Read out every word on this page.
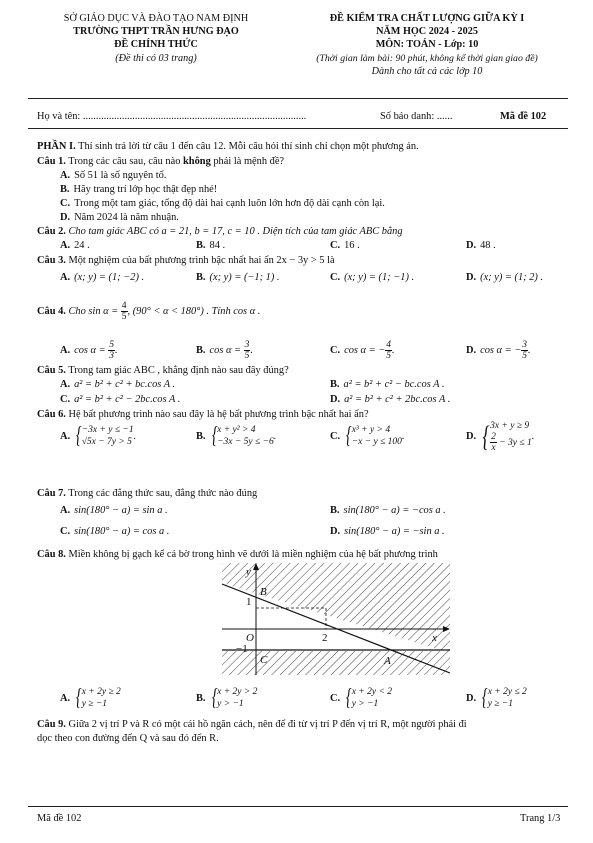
SỞ GIÁO DỤC VÀ ĐÀO TẠO NAM ĐỊNH
TRƯỜNG THPT TRẦN HƯNG ĐẠO
ĐỀ CHÍNH THỨC
(Đề thi có 03 trang)
ĐỀ KIỂM TRA CHẤT LƯỢNG GIỮA KỲ I
NĂM HỌC 2024 - 2025
MÔN: TOÁN - Lớp: 10
(Thời gian làm bài: 90 phút, không kể thời gian giao đề)
Dành cho tất cả các lớp 10
Họ và tên: ......................................................................................	Số báo danh: ......	Mã đề 102
PHẦN I. Thí sinh trả lời từ câu 1 đến câu 12. Mỗi câu hỏi thí sinh chỉ chọn một phương án.
Câu 1. Trong các câu sau, câu nào không phải là mệnh đề?
A. Số 51 là số nguyên tố.
B. Hãy trang trí lớp học thật đẹp nhé!
C. Trong một tam giác, tổng độ dài hai cạnh luôn lớn hơn độ dài cạnh còn lại.
D. Năm 2024 là năm nhuận.
Câu 2. Cho tam giác ABC có a = 21, b = 17, c = 10 . Diện tích của tam giác ABC bằng
A. 24 .	B. 84 .	C. 16 .	D. 48 .
Câu 3. Một nghiệm của bất phương trình bậc nhất hai ẩn 2x − 3y > 5 là
A. (x; y) = (1; −2) .	B. (x; y) = (−1; 1) .	C. (x; y) = (1; −1) .	D. (x; y) = (1; 2) .
Câu 4. Cho $\sin \alpha = \frac{4}{5}$ , (90° < α < 180°) . Tính cos α .
A. $\cos \alpha = \frac{5}{3}$ .	B. $\cos \alpha = \frac{3}{5}$ .	C. cos α = − $\frac{4}{5}$ .	D. cos α = − $\frac{3}{5}$ .
Câu 5. Trong tam giác ABC , khẳng định nào sau đây đúng?
A. a² = b² + c² + bc.cos A .	B. a² = b² + c² − bc.cos A .
C. a² = b² + c² − 2bc.cos A .	D. a² = b² + c² + 2bc.cos A .
Câu 6. Hệ bất phương trình nào sau đây là hệ bất phương trình bậc nhất hai ẩn?
A. { −3x + y ≤ −1
√5x − 7y > 5
.	B. { x + y² > 4
−3x − 5y ≤ −6
.	C. { x³ + y > 4
−x − y ≤ 100
.	D. { 3x + y ≥ 9
$\frac{2}{x} - 3y \le 1$
.
Câu 7. Trong các đẳng thức sau, đẳng thức nào đúng
A. sin(180° − a) = sin a .	B. sin(180° − a) = −cos a .
C. sin(180° − a) = cos a .	D. sin(180° − a) = −sin a .
Câu 8. Miền không bị gạch kể cả bờ trong hình vẽ dưới là miền nghiệm của hệ bất phương trình
y
x
B
1
O	2
−1
C	A
A. { x + 2y ≥ 2
y ≥ −1
B. { x + 2y > 2
y > −1
C. { x + 2y < 2
y > −1
D. { x + 2y ≤ 2
y ≥ −1
Câu 9. Giữa 2 vị trí P và R có một cái hồ ngăn cách, nên để đi từ vị trí P đến vị trí R, một người phải đi
dọc theo con đường đến Q và sau đó đến R.
Mã đề 102	Trang 1/3
